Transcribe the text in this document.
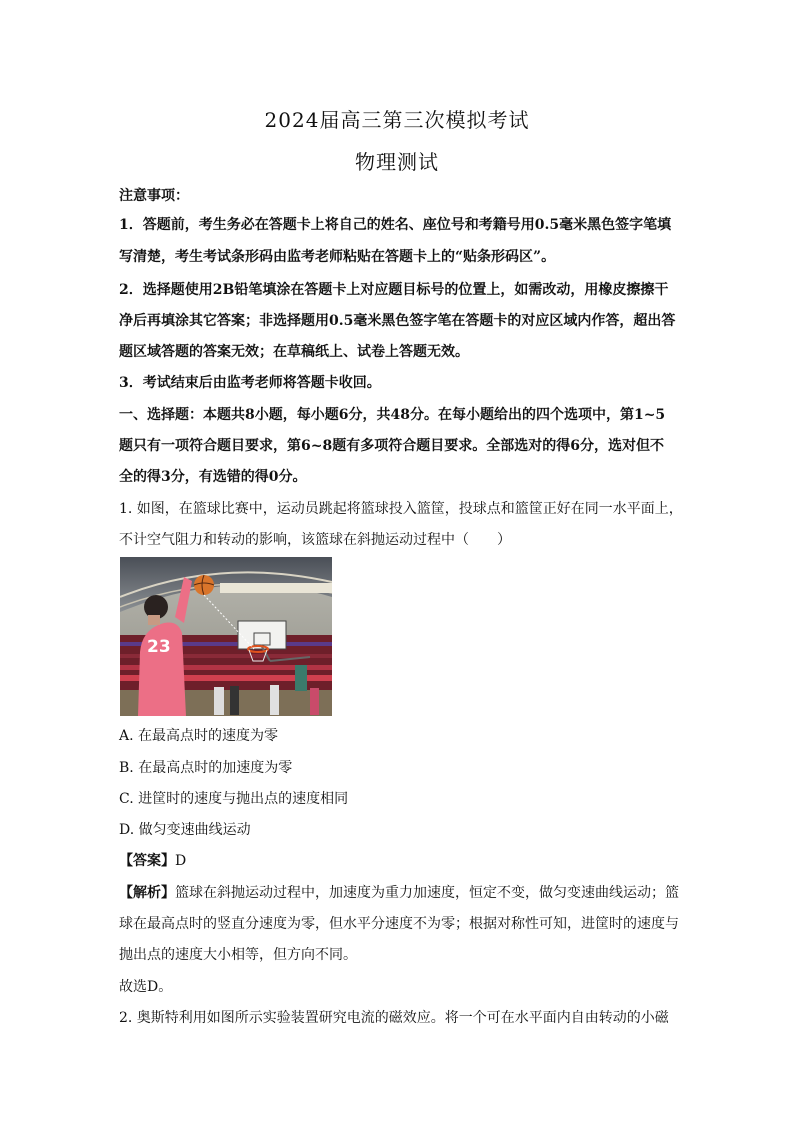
2024届高三第三次模拟考试
物理测试
注意事项：
1．答题前，考生务必在答题卡上将自己的姓名、座位号和考籍号用0.5毫米黑色签字笔填
写清楚，考生考试条形码由监考老师粘贴在答题卡上的“贴条形码区”。
2．选择题使用2B铅笔填涂在答题卡上对应题目标号的位置上，如需改动，用橡皮擦擦干
净后再填涂其它答案；非选择题用0.5毫米黑色签字笔在答题卡的对应区域内作答，超出答
题区域答题的答案无效；在草稿纸上、试卷上答题无效。
3．考试结束后由监考老师将答题卡收回。
一、选择题：本题共8小题，每小题6分，共48分。在每小题给出的四个选项中，第1~5
题只有一项符合题目要求，第6~8题有多项符合题目要求。全部选对的得6分，选对但不
全的得3分，有选错的得0分。
1. 如图，在篮球比赛中，运动员跳起将篮球投入篮筐，投球点和篮筐正好在同一水平面上，
不计空气阻力和转动的影响，该篮球在斜抛运动过程中（　　）
23
A. 在最高点时的速度为零
B. 在最高点时的加速度为零
C. 进筐时的速度与抛出点的速度相同
D. 做匀变速曲线运动
【答案】D
【解析】篮球在斜抛运动过程中，加速度为重力加速度，恒定不变，做匀变速曲线运动；篮
球在最高点时的竖直分速度为零，但水平分速度不为零；根据对称性可知，进筐时的速度与
抛出点的速度大小相等，但方向不同。
故选D。
2. 奥斯特利用如图所示实验装置研究电流的磁效应。将一个可在水平面内自由转动的小磁
